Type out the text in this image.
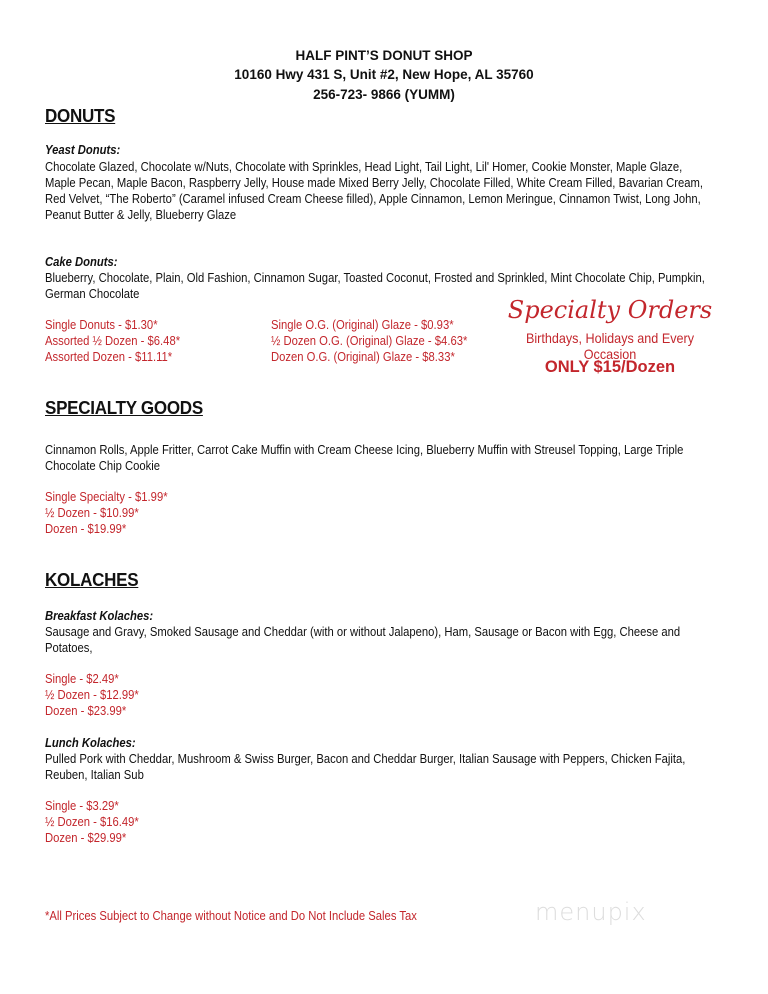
HALF PINT’S DONUT SHOP
10160 Hwy 431 S, Unit #2, New Hope, AL 35760
256-723- 9866 (YUMM)
DONUTS
Yeast Donuts:
Chocolate Glazed, Chocolate w/Nuts, Chocolate with Sprinkles, Head Light, Tail Light, Lil' Homer, Cookie Monster, Maple Glaze, Maple Pecan, Maple Bacon, Raspberry Jelly, House made Mixed Berry Jelly, Chocolate Filled, White Cream Filled, Bavarian Cream, Red Velvet, “The Roberto” (Caramel infused Cream Cheese filled), Apple Cinnamon, Lemon Meringue, Cinnamon Twist, Long John, Peanut Butter & Jelly, Blueberry Glaze
Cake Donuts:
Blueberry, Chocolate, Plain, Old Fashion, Cinnamon Sugar, Toasted Coconut, Frosted and Sprinkled, Mint Chocolate Chip, Pumpkin, German Chocolate
Single Donuts - $1.30*
Assorted ½ Dozen - $6.48*
Assorted Dozen - $11.11*
Single O.G. (Original) Glaze - $0.93*
½ Dozen O.G. (Original) Glaze - $4.63*
Dozen O.G. (Original) Glaze - $8.33*
Specialty Orders
Birthdays, Holidays and Every Occasion
ONLY $15/Dozen
SPECIALTY GOODS
Cinnamon Rolls, Apple Fritter, Carrot Cake Muffin with Cream Cheese Icing, Blueberry Muffin with Streusel Topping, Large Triple Chocolate Chip Cookie
Single Specialty - $1.99*
½ Dozen - $10.99*
Dozen - $19.99*
KOLACHES
Breakfast Kolaches:
Sausage and Gravy, Smoked Sausage and Cheddar (with or without Jalapeno), Ham, Sausage or Bacon with Egg, Cheese and Potatoes,
Single - $2.49*
½ Dozen - $12.99*
Dozen - $23.99*
Lunch Kolaches:
Pulled Pork with Cheddar, Mushroom & Swiss Burger, Bacon and Cheddar Burger, Italian Sausage with Peppers, Chicken Fajita, Reuben, Italian Sub
Single - $3.29*
½ Dozen - $16.49*
Dozen - $29.99*
*All Prices Subject to Change without Notice and Do Not Include Sales Tax	menupix
